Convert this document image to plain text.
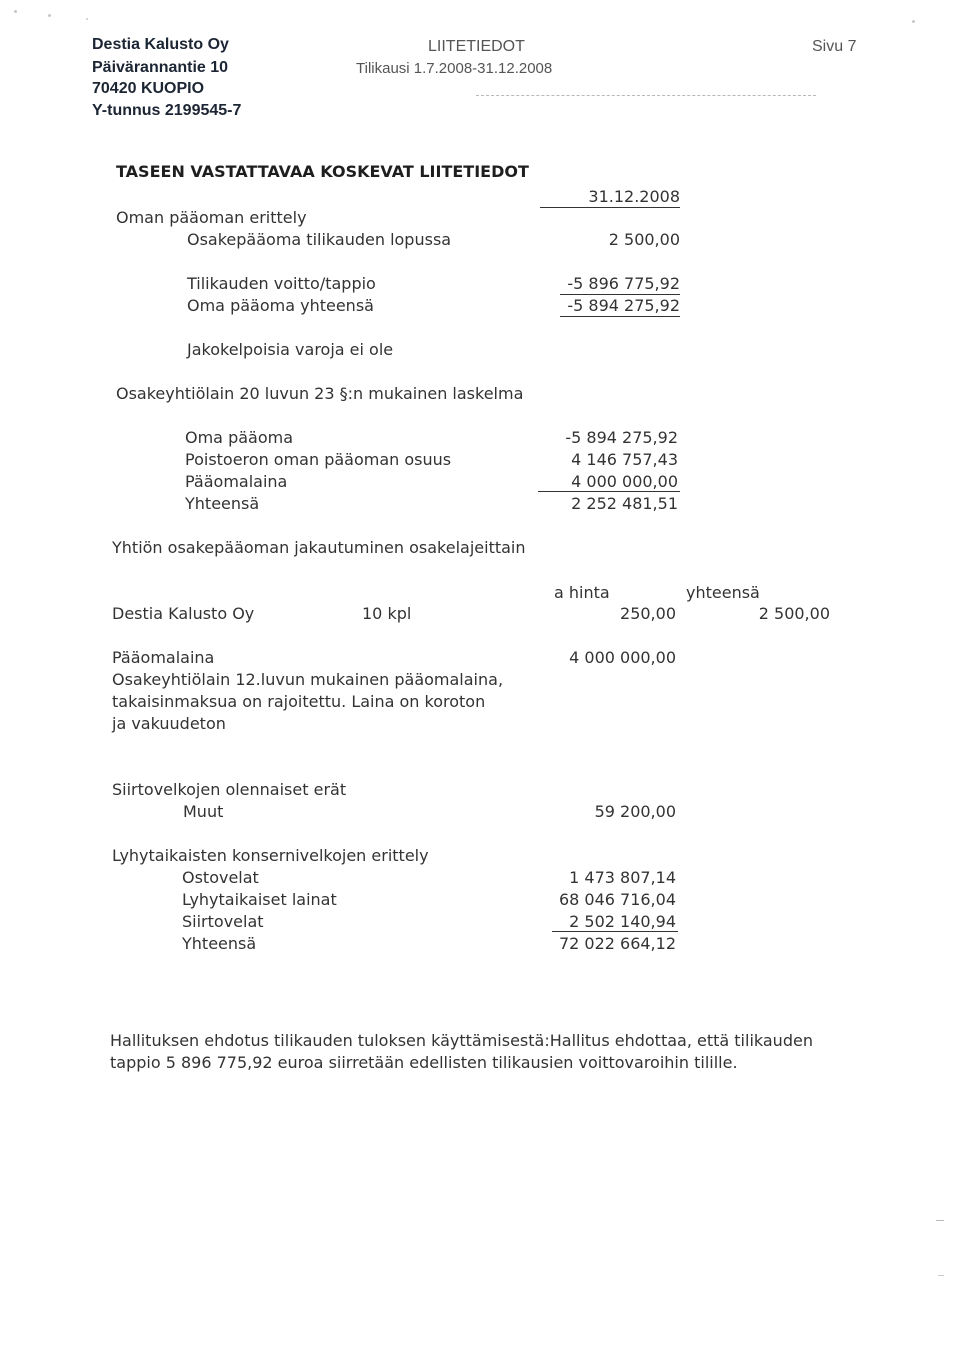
Destia Kalusto Oy
Päivärannantie 10
70420 KUOPIO
Y-tunnus 2199545-7
LIITETIEDOT
Tilikausi 1.7.2008-31.12.2008
Sivu 7
TASEEN VASTATTAVAA KOSKEVAT LIITETIEDOT
31.12.2008
Oman pääoman erittely
Osakepääoma tilikauden lopussa	2 500,00
Tilikauden voitto/tappio	-5 896 775,92
Oma pääoma yhteensä	-5 894 275,92
Jakokelpoisia varoja ei ole
Osakeyhtiölain 20 luvun 23 §:n mukainen laskelma
Oma pääoma	-5 894 275,92
Poistoeron oman pääoman osuus	4 146 757,43
Pääomalaina	4 000 000,00
Yhteensä	2 252 481,51
Yhtiön osakepääoman jakautuminen osakelajeittain
a hinta	yhteensä
Destia Kalusto Oy	10 kpl	250,00	2 500,00
Pääomalaina	4 000 000,00
Osakeyhtiölain 12.luvun mukainen pääomalaina,
takaisinmaksua on rajoitettu. Laina on koroton
ja vakuudeton
Siirtovelkojen olennaiset erät
Muut	59 200,00
Lyhytaikaisten konsernivelkojen erittely
Ostovelat	1 473 807,14
Lyhytaikaiset lainat	68 046 716,04
Siirtovelat	2 502 140,94
Yhteensä	72 022 664,12
Hallituksen ehdotus tilikauden tuloksen käyttämisestä:Hallitus ehdottaa, että tilikauden
tappio 5 896 775,92 euroa siirretään edellisten tilikausien voittovaroihin tilille.
